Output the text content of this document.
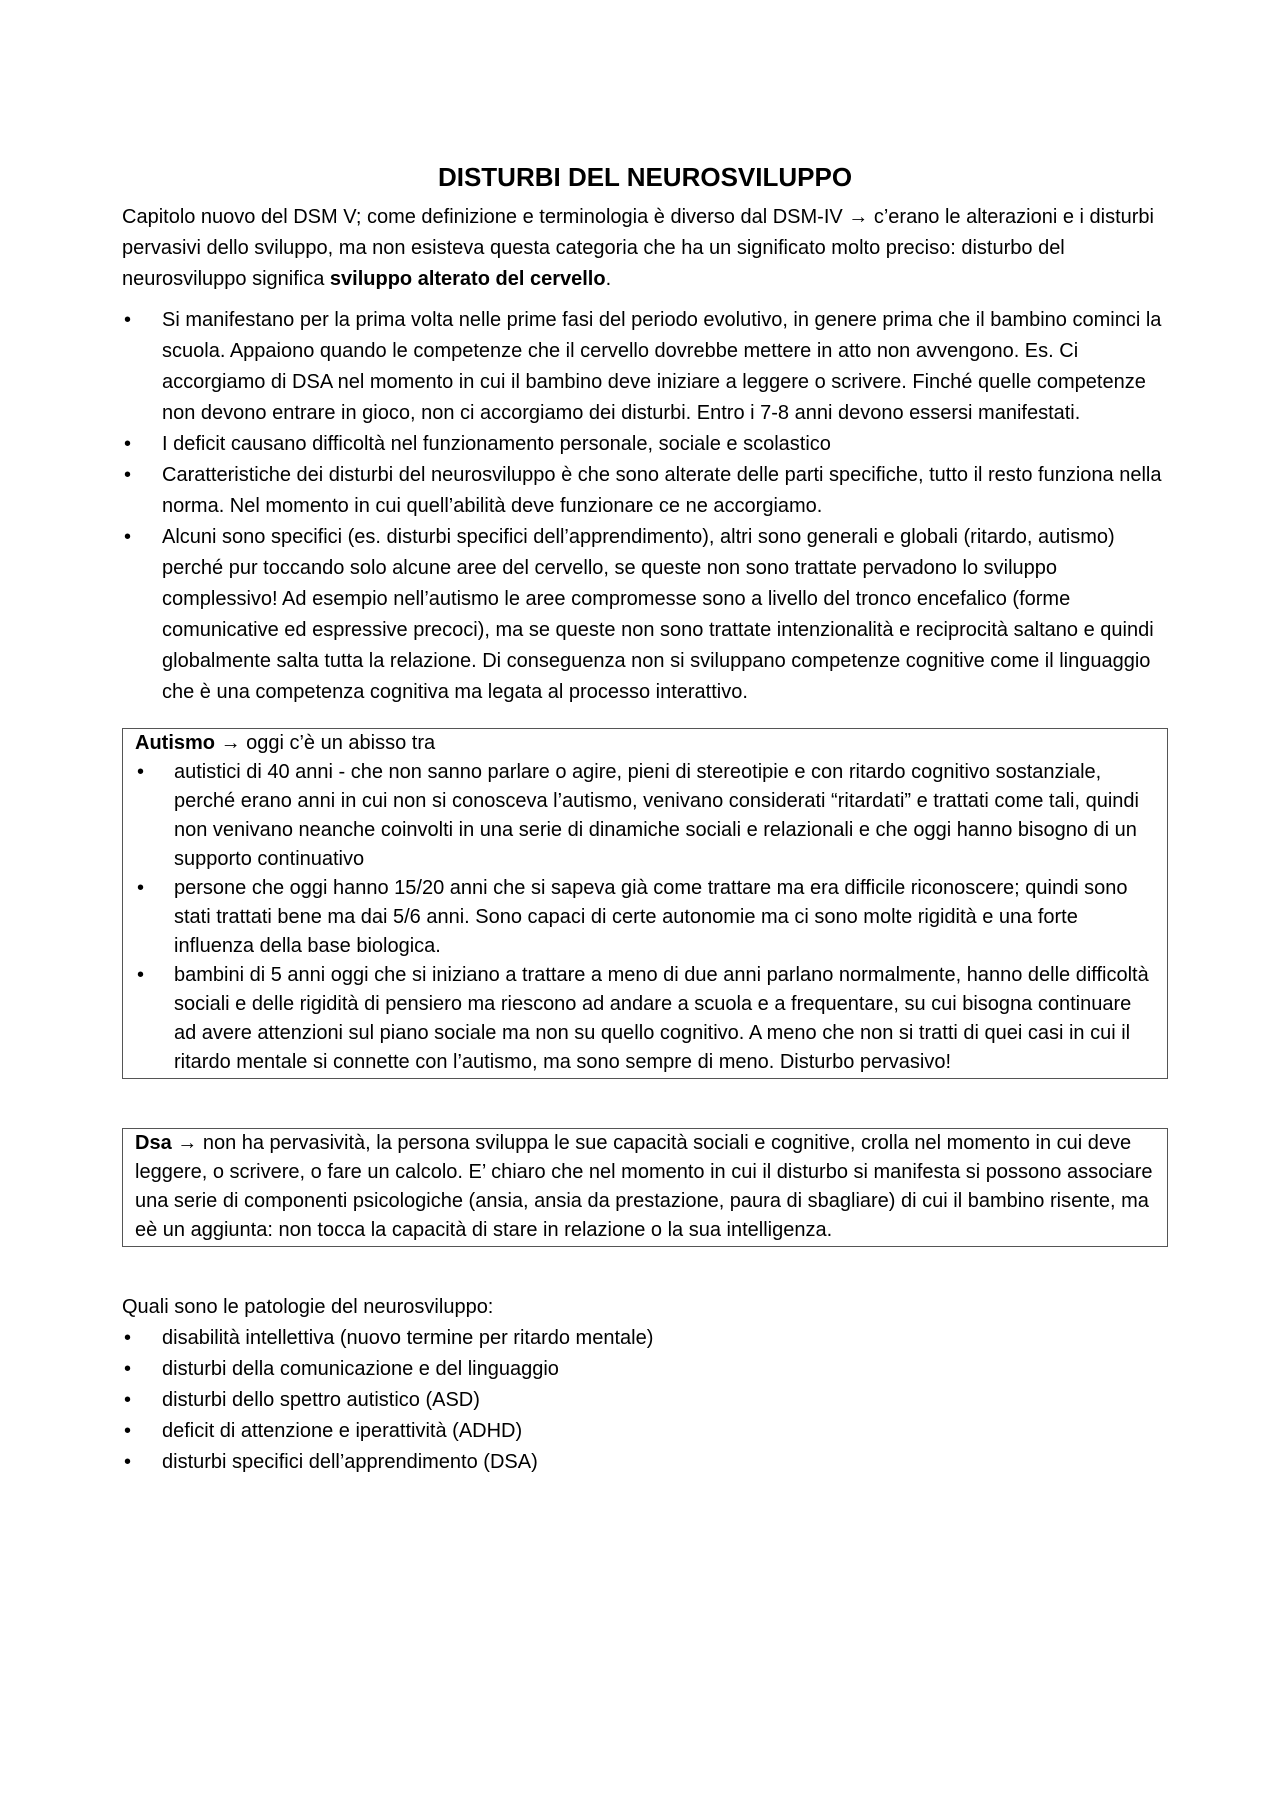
DISTURBI DEL NEUROSVILUPPO

Capitolo nuovo del DSM V; come definizione e terminologia è diverso dal DSM-IV → c’erano le alterazioni e i disturbi pervasivi dello sviluppo, ma non esisteva questa categoria che ha un significato molto preciso: disturbo del neurosviluppo significa sviluppo alterato del cervello.

• Si manifestano per la prima volta nelle prime fasi del periodo evolutivo, in genere prima che il bambino cominci la scuola. Appaiono quando le competenze che il cervello dovrebbe mettere in atto non avvengono. Es. Ci accorgiamo di DSA nel momento in cui il bambino deve iniziare a leggere o scrivere. Finché quelle competenze non devono entrare in gioco, non ci accorgiamo dei disturbi. Entro i 7-8 anni devono essersi manifestati.
• I deficit causano difficoltà nel funzionamento personale, sociale e scolastico
• Caratteristiche dei disturbi del neurosviluppo è che sono alterate delle parti specifiche, tutto il resto funziona nella norma. Nel momento in cui quell’abilità deve funzionare ce ne accorgiamo.
• Alcuni sono specifici (es. disturbi specifici dell’apprendimento), altri sono generali e globali (ritardo, autismo) perché pur toccando solo alcune aree del cervello, se queste non sono trattate pervadono lo sviluppo complessivo! Ad esempio nell’autismo le aree compromesse sono a livello del tronco encefalico (forme comunicative ed espressive precoci), ma se queste non sono trattate intenzionalità e reciprocità saltano e quindi globalmente salta tutta la relazione. Di conseguenza non si sviluppano competenze cognitive come il linguaggio che è una competenza cognitiva ma legata al processo interattivo.

Autismo → oggi c’è un abisso tra

• autistici di 40 anni - che non sanno parlare o agire, pieni di stereotipie e con ritardo cognitivo sostanziale, perché erano anni in cui non si conosceva l’autismo, venivano considerati “ritardati” e trattati come tali, quindi non venivano neanche coinvolti in una serie di dinamiche sociali e relazionali e che oggi hanno bisogno di un supporto continuativo
• persone che oggi hanno 15/20 anni che si sapeva già come trattare ma era difficile riconoscere; quindi sono stati trattati bene ma dai 5/6 anni. Sono capaci di certe autonomie ma ci sono molte rigidità e una forte influenza della base biologica.
• bambini di 5 anni oggi che si iniziano a trattare a meno di due anni parlano normalmente, hanno delle difficoltà sociali e delle rigidità di pensiero ma riescono ad andare a scuola e a frequentare, su cui bisogna continuare ad avere attenzioni sul piano sociale ma non su quello cognitivo. A meno che non si tratti di quei casi in cui il ritardo mentale si connette con l’autismo, ma sono sempre di meno. Disturbo pervasivo!

Dsa → non ha pervasività, la persona sviluppa le sue capacità sociali e cognitive, crolla nel momento in cui deve leggere, o scrivere, o fare un calcolo. E’ chiaro che nel momento in cui il disturbo si manifesta si possono associare una serie di componenti psicologiche (ansia, ansia da prestazione, paura di sbagliare) di cui il bambino risente, ma eè un aggiunta: non tocca la capacità di stare in relazione o la sua intelligenza.

Quali sono le patologie del neurosviluppo:

• disabilità intellettiva (nuovo termine per ritardo mentale)
• disturbi della comunicazione e del linguaggio
• disturbi dello spettro autistico (ASD)
• deficit di attenzione e iperattività (ADHD)
• disturbi specifici dell’apprendimento (DSA)
